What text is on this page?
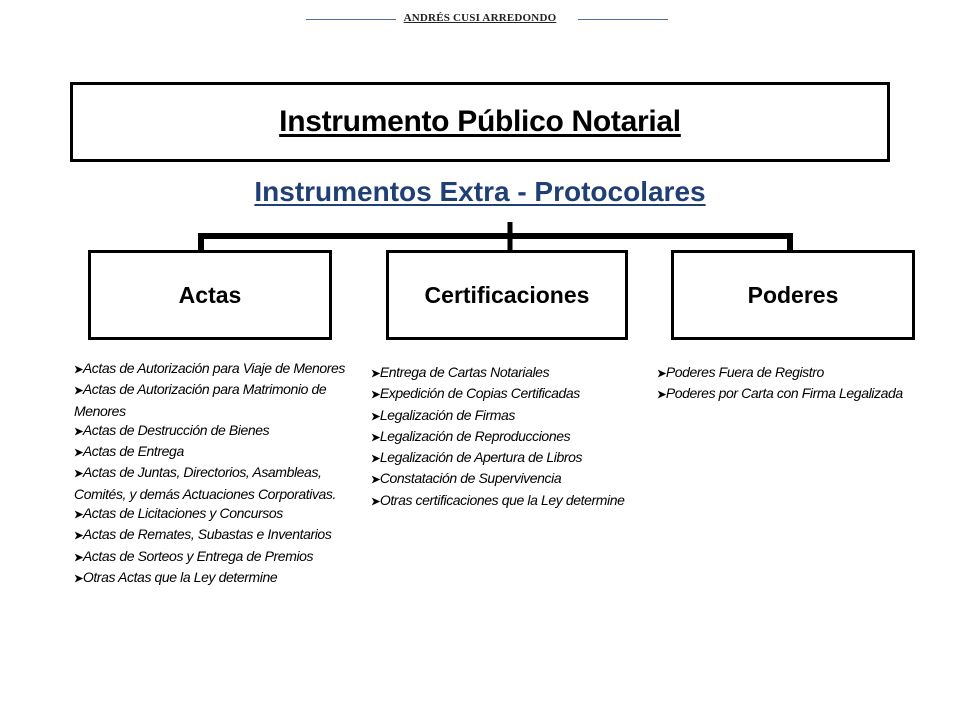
ANDRÉS CUSI ARREDONDO
Instrumento Público Notarial
Instrumentos Extra - Protocolares
Actas	Certificaciones	Poderes
➤Actas de Autorización para Viaje de Menores
➤Actas de Autorización para Matrimonio de Menores
➤Actas de Destrucción de Bienes
➤Actas de Entrega
➤Actas de Juntas, Directorios, Asambleas, Comités, y demás Actuaciones Corporativas.
➤Actas de Licitaciones y Concursos
➤Actas de Remates, Subastas e Inventarios
➤Actas de Sorteos y Entrega de Premios
➤Otras Actas que la Ley determine
➤Entrega de Cartas Notariales
➤Expedición de Copias Certificadas
➤Legalización de Firmas
➤Legalización de Reproducciones
➤Legalización de Apertura de Libros
➤Constatación de Supervivencia
➤Otras certificaciones que la Ley determine
➤Poderes Fuera de Registro
➤Poderes por Carta con Firma Legalizada
